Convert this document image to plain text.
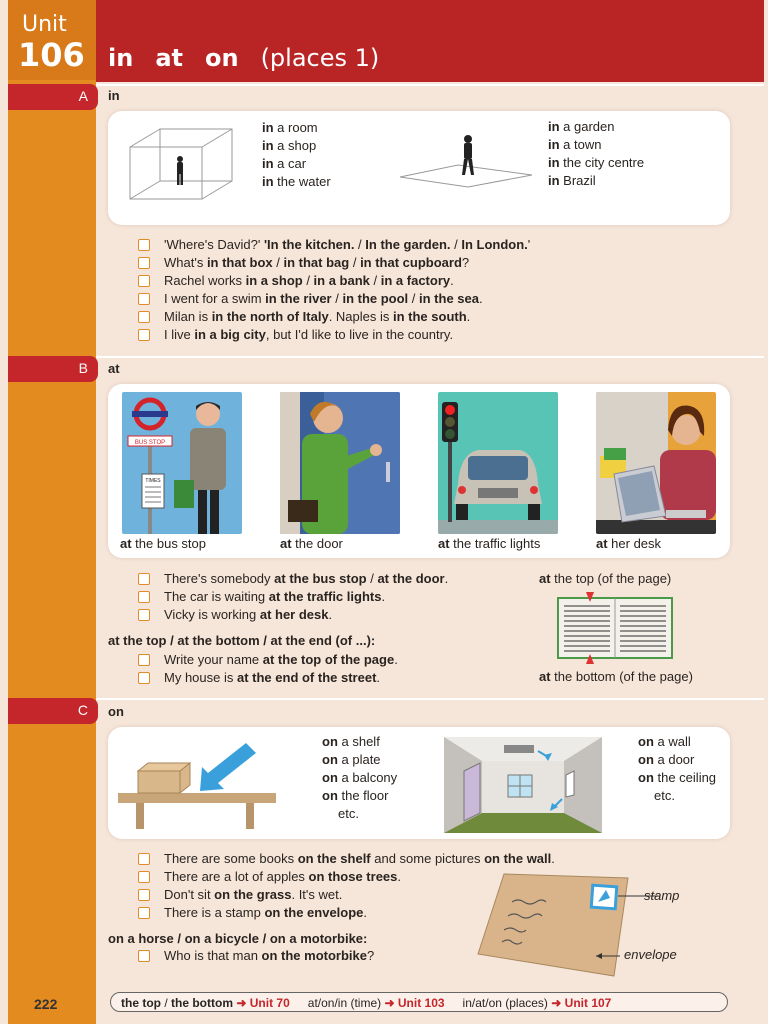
Unit
106 in at on (places 1)
A in
in a room
in a shop
in a car
in the water
in a garden
in a town
in the city centre
in Brazil
'Where's David?' 'In the kitchen. / In the garden. / In London.'
What's in that box / in that bag / in that cupboard?
Rachel works in a shop / in a bank / in a factory.
I went for a swim in the river / in the pool / in the sea.
Milan is in the north of Italy. Naples is in the south.
I live in a big city, but I'd like to live in the country.
B at
BUS STOP
TIMES
at the bus stop	at the door	at the traffic lights	at her desk
There's somebody at the bus stop / at the door.
The car is waiting at the traffic lights.
Vicky is working at her desk.
at the top / at the bottom / at the end (of ...):
Write your name at the top of the page.
My house is at the end of the street.
at the top (of the page)
at the bottom (of the page)
C on
on a shelf
on a plate
on a balcony
on the floor
etc.
on a wall
on a door
on the ceiling
etc.
There are some books on the shelf and some pictures on the wall.
There are a lot of apples on those trees.
Don't sit on the grass. It's wet.
There is a stamp on the envelope.
on a horse / on a bicycle / on a motorbike:
Who is that man on the motorbike?
stamp
envelope
222	the top / the bottom ➜ Unit 70 at/on/in (time) ➜ Unit 103 in/at/on (places) ➜ Unit 107
